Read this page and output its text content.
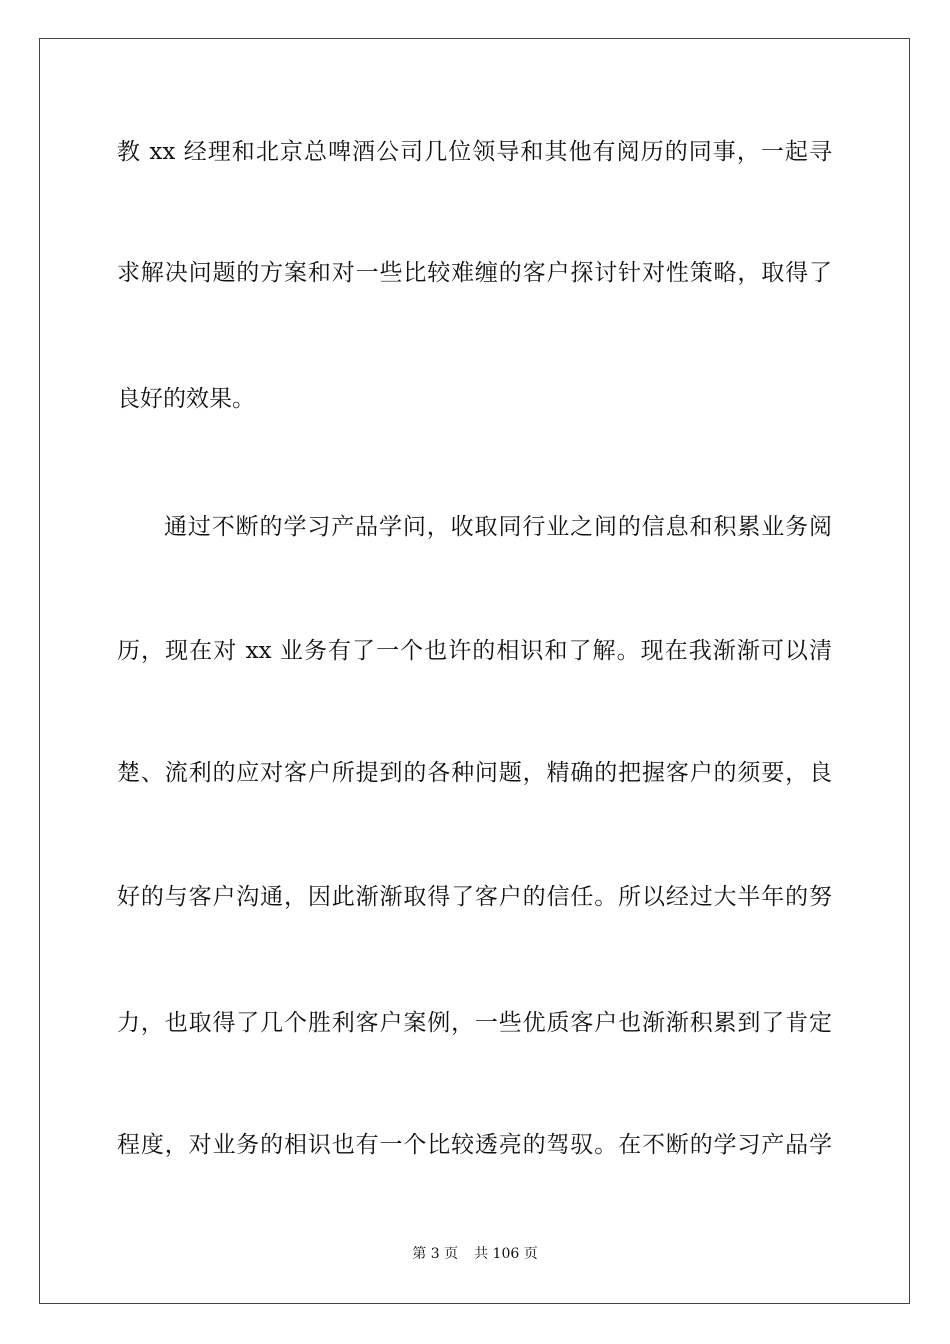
教 xx 经理和北京总啤酒公司几位领导和其他有阅历的同事，一起寻
求解决问题的方案和对一些比较难缠的客户探讨针对性策略，取得了
良好的效果。
通过不断的学习产品学问，收取同行业之间的信息和积累业务阅
历，现在对 xx 业务有了一个也许的相识和了解。现在我渐渐可以清
楚、流利的应对客户所提到的各种问题，精确的把握客户的须要，良
好的与客户沟通，因此渐渐取得了客户的信任。所以经过大半年的努
力，也取得了几个胜利客户案例，一些优质客户也渐渐积累到了肯定
程度，对业务的相识也有一个比较透亮的驾驭。在不断的学习产品学
第 3 页 共 106 页
